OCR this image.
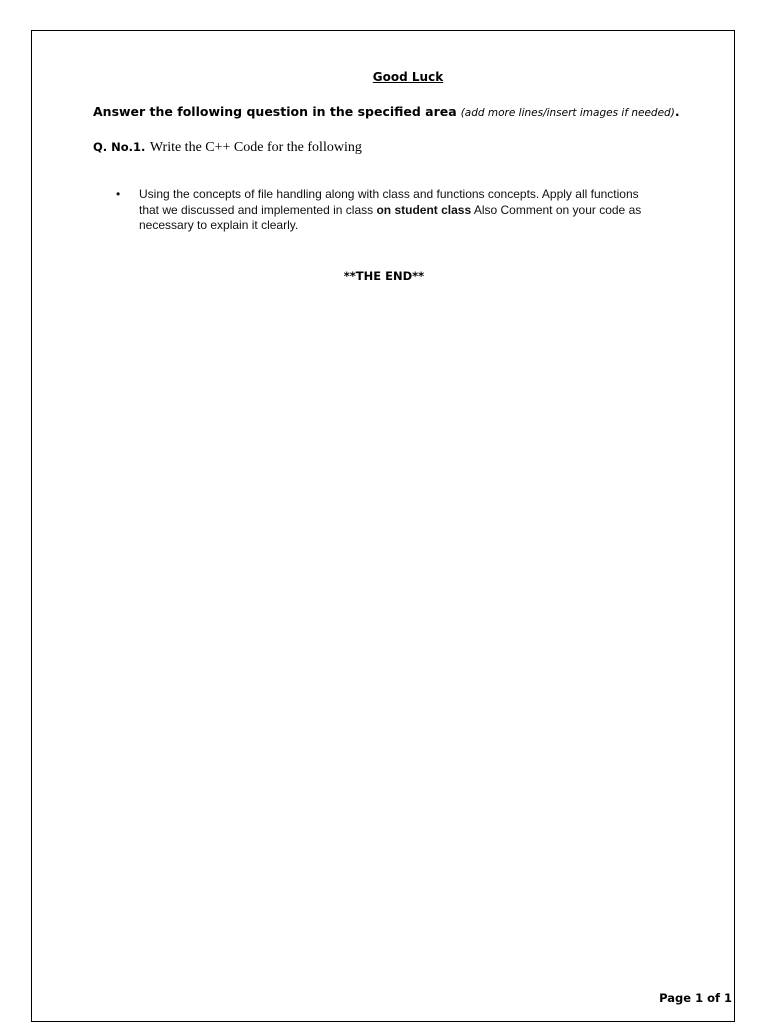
Good Luck
Answer the following question in the specified area (add more lines/insert images if needed).
Q. No.1. Write the C++ Code for the following
• Using the concepts of file handling along with class and functions concepts. Apply all functions that we discussed and implemented in class on student class Also Comment on your code as necessary to explain it clearly.
**THE END**
Page 1 of 1
